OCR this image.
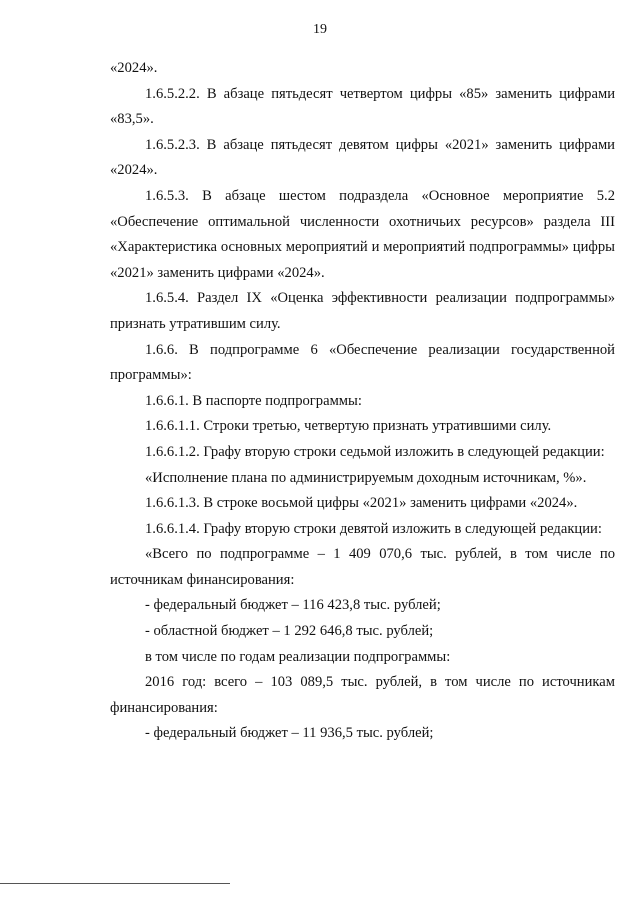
19

«2024».

1.6.5.2.2. В абзаце пятьдесят четвертом цифры «85» заменить цифрами «83,5».

1.6.5.2.3. В абзаце пятьдесят девятом цифры «2021» заменить цифрами «2024».

1.6.5.3. В абзаце шестом подраздела «Основное мероприятие 5.2 «Обеспечение оптимальной численности охотничьих ресурсов» раздела III «Характеристика основных мероприятий и мероприятий подпрограммы» цифры «2021» заменить цифрами «2024».

1.6.5.4. Раздел IX «Оценка эффективности реализации подпрограммы» признать утратившим силу.

1.6.6. В подпрограмме 6 «Обеспечение реализации государственной программы»:

1.6.6.1. В паспорте подпрограммы:

1.6.6.1.1. Строки третью, четвертую признать утратившими силу.

1.6.6.1.2. Графу вторую строки седьмой изложить в следующей редакции:

«Исполнение плана по администрируемым доходным источникам, %».

1.6.6.1.3. В строке восьмой цифры «2021» заменить цифрами «2024».

1.6.6.1.4. Графу вторую строки девятой изложить в следующей редакции:

«Всего по подпрограмме – 1 409 070,6 тыс. рублей, в том числе по источникам финансирования:

- федеральный бюджет – 116 423,8 тыс. рублей;

- областной бюджет – 1 292 646,8 тыс. рублей;

в том числе по годам реализации подпрограммы:

2016 год: всего – 103 089,5 тыс. рублей, в том числе по источникам финансирования:

- федеральный бюджет – 11 936,5 тыс. рублей;
